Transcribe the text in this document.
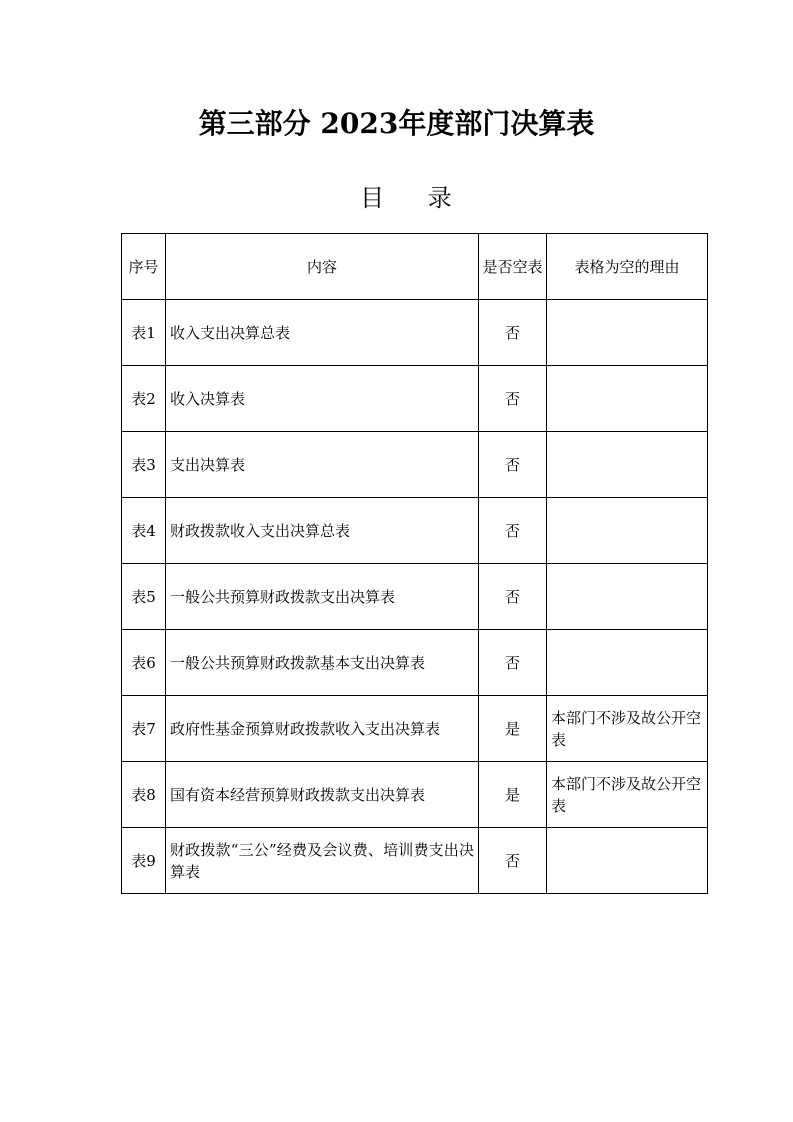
第三部分 2023年度部门决算表
目 录
序号	内容	是否空表	表格为空的理由
表1	收入支出决算总表	否	

表2	收入决算表	否	

表3	支出决算表	否	

表4	财政拨款收入支出决算总表	否	

表5	一般公共预算财政拨款支出决算表	否	

表6	一般公共预算财政拨款基本支出决算表	否	

表7	政府性基金预算财政拨款收入支出决算表	是	本部门不涉及故公开空表

表8	国有资本经营预算财政拨款支出决算表	是	本部门不涉及故公开空表

表9	财政拨款“三公”经费及会议费、培训费支出决算表	否	
